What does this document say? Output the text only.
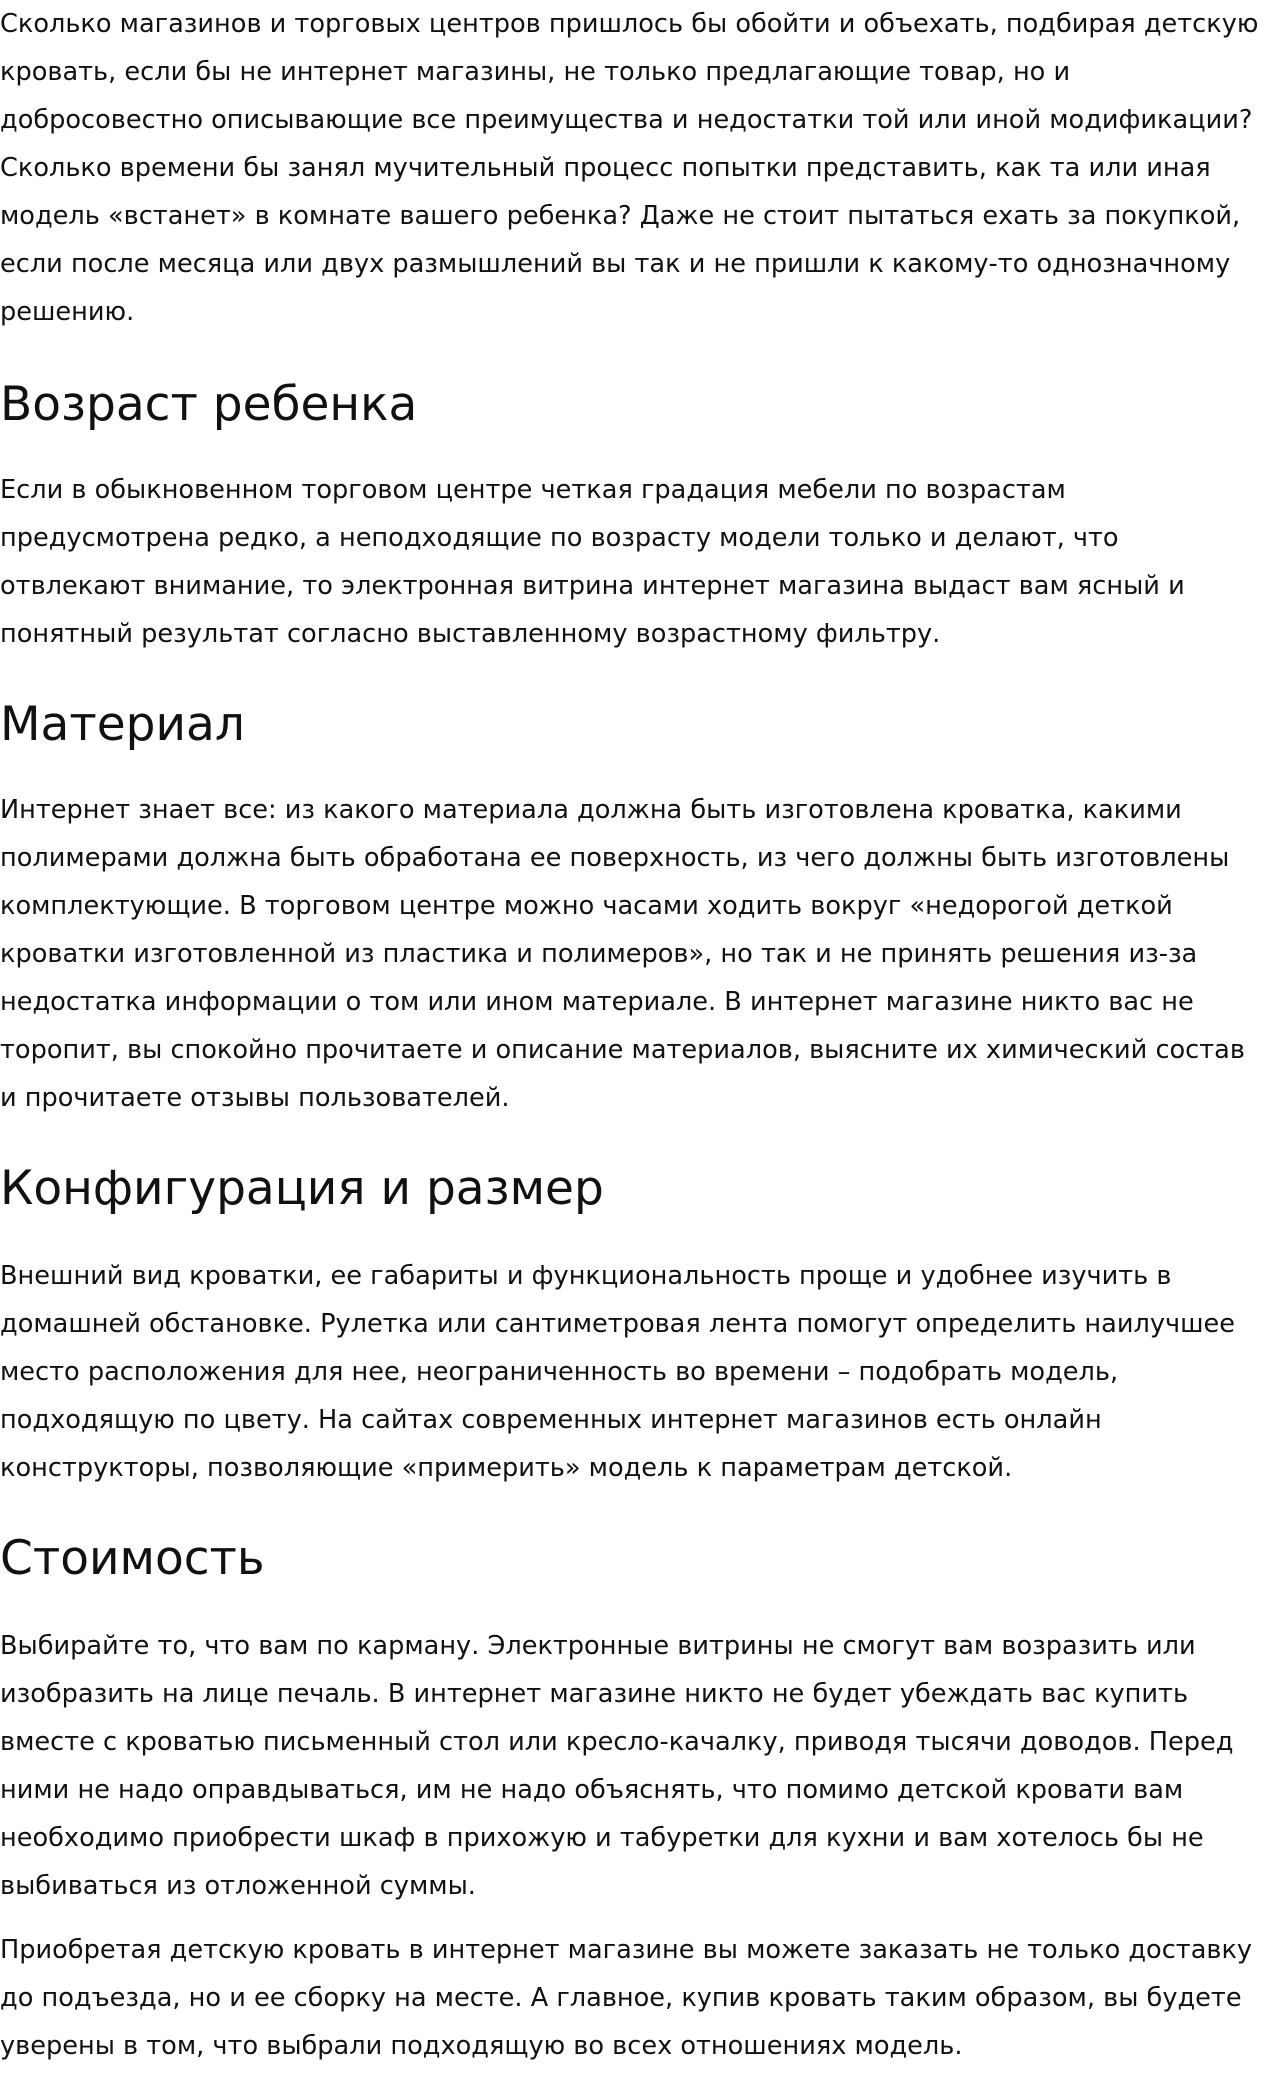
Сколько магазинов и торговых центров пришлось бы обойти и объехать, подбирая детскую кровать, если бы не интернет магазины, не только предлагающие товар, но и добросовестно описывающие все преимущества и недостатки той или иной модификации? Сколько времени бы занял мучительный процесс попытки представить, как та или иная модель «встанет» в комнате вашего ребенка? Даже не стоит пытаться ехать за покупкой, если после месяца или двух размышлений вы так и не пришли к какому-то однозначному решению.

Возраст ребенка

Если в обыкновенном торговом центре четкая градация мебели по возрастам предусмотрена редко, а неподходящие по возрасту модели только и делают, что отвлекают внимание, то электронная витрина интернет магазина выдаст вам ясный и понятный результат согласно выставленному возрастному фильтру.

Материал

Интернет знает все: из какого материала должна быть изготовлена кроватка, какими полимерами должна быть обработана ее поверхность, из чего должны быть изготовлены комплектующие. В торговом центре можно часами ходить вокруг «недорогой деткой кроватки изготовленной из пластика и полимеров», но так и не принять решения из-за недостатка информации о том или ином материале. В интернет магазине никто вас не торопит, вы спокойно прочитаете и описание материалов, выясните их химический состав и прочитаете отзывы пользователей.

Конфигурация и размер

Внешний вид кроватки, ее габариты и функциональность проще и удобнее изучить в домашней обстановке. Рулетка или сантиметровая лента помогут определить наилучшее место расположения для нее, неограниченность во времени – подобрать модель, подходящую по цвету. На сайтах современных интернет магазинов есть онлайн конструкторы, позволяющие «примерить» модель к параметрам детской.

Стоимость

Выбирайте то, что вам по карману. Электронные витрины не смогут вам возразить или изобразить на лице печаль. В интернет магазине никто не будет убеждать вас купить вместе с кроватью письменный стол или кресло-качалку, приводя тысячи доводов. Перед ними не надо оправдываться, им не надо объяснять, что помимо детской кровати вам необходимо приобрести шкаф в прихожую и табуретки для кухни и вам хотелось бы не выбиваться из отложенной суммы.

Приобретая детскую кровать в интернет магазине вы можете заказать не только доставку до подъезда, но и ее сборку на месте. А главное, купив кровать таким образом, вы будете уверены в том, что выбрали подходящую во всех отношениях модель.
